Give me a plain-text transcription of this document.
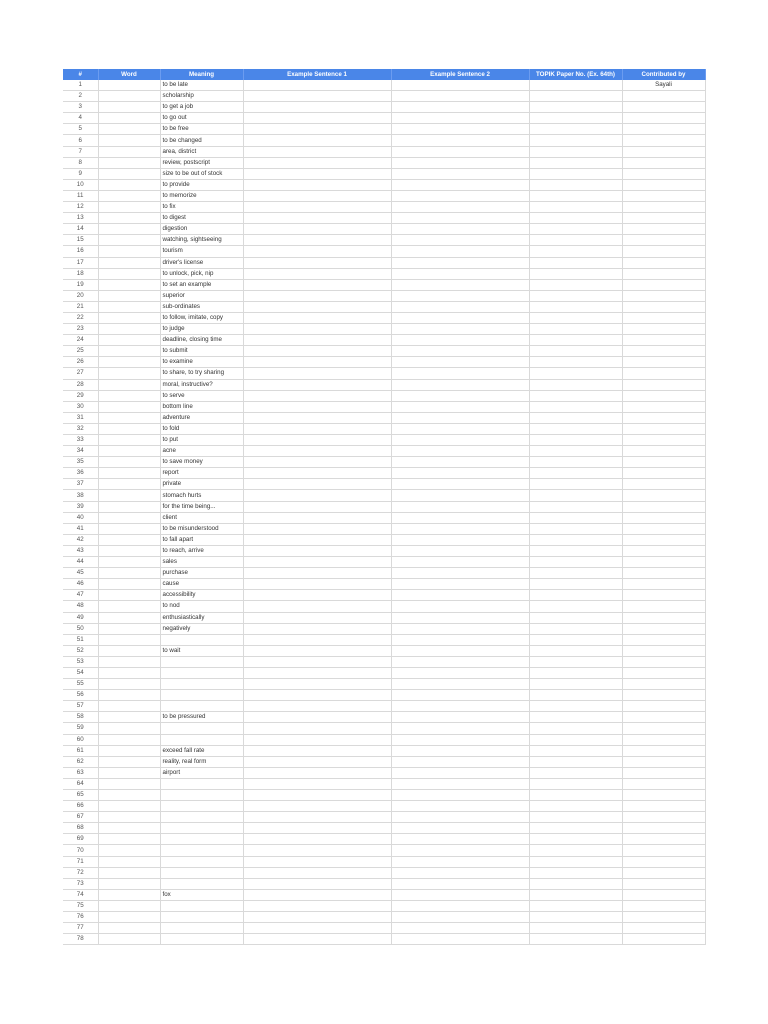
#	Word	Meaning	Example Sentence 1	Example Sentence 2	TOPIK Paper No. (Ex. 64th)	Contributed by
1		to be late				Sayali
2		scholarship				
3		to get a job				
4		to go out				
5		to be free				
6		to be changed				
7		area, district				
8		review, postscript				
9		size to be out of stock				
10		to provide				
11		to memorize				
12		to fix				
13		to digest				
14		digestion				
15		watching, sightseeing				
16		tourism				
17		driver's license				
18		to unlock, pick, nip				
19		to set an example				
20		superior				
21		sub-ordinates				
22		to follow, imitate, copy				
23		to judge				
24		deadline, closing time				
25		to submit				
26		to examine				
27		to share, to try sharing				
28		moral, instructive?				
29		to serve				
30		bottom line				
31		adventure				
32		to fold				
33		to put				
34		acne				
35		to save money				
36		report				
37		private				
38		stomach hurts				
39		for the time being...				
40		client				
41		to be misunderstood				
42		to fall apart				
43		to reach, arrive				
44		sales				
45		purchase				
46		cause				
47		accessibility				
48		to nod				
49		enthusiastically				
50		negatively				
51						
52		to wait				
53						
54						
55						
56						
57						
58		to be pressured				
59						
60						
61		exceed fall rate				
62		reality, real form				
63		airport				
64						
65						
66						
67						
68						
69						
70						
71						
72						
73						
74		fox				
75						
76						
77						
78						
